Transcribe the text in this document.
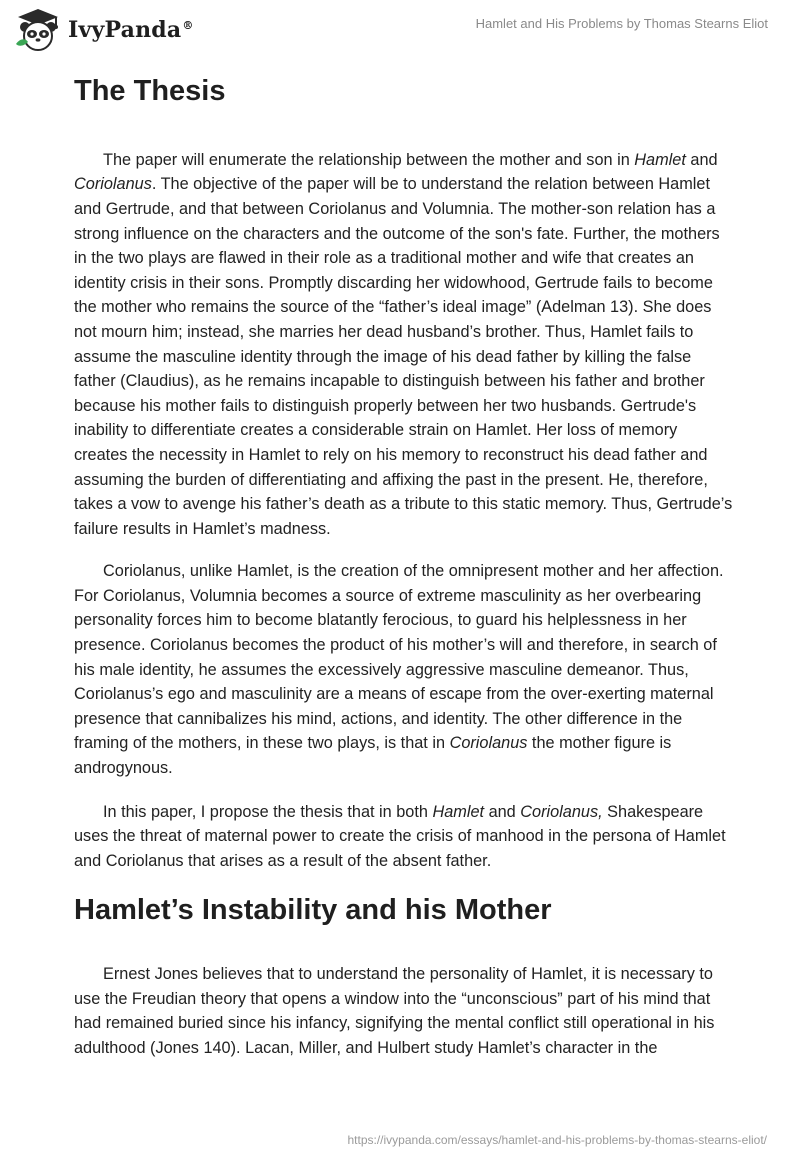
IvyPanda®	Hamlet and His Problems by Thomas Stearns Eliot
The Thesis

The paper will enumerate the relationship between the mother and son in Hamlet and Coriolanus. The objective of the paper will be to understand the relation between Hamlet and Gertrude, and that between Coriolanus and Volumnia. The mother-son relation has a strong influence on the characters and the outcome of the son's fate. Further, the mothers in the two plays are flawed in their role as a traditional mother and wife that creates an identity crisis in their sons. Promptly discarding her widowhood, Gertrude fails to become the mother who remains the source of the “father’s ideal image” (Adelman 13). She does not mourn him; instead, she marries her dead husband’s brother. Thus, Hamlet fails to assume the masculine identity through the image of his dead father by killing the false father (Claudius), as he remains incapable to distinguish between his father and brother because his mother fails to distinguish properly between her two husbands. Gertrude's inability to differentiate creates a considerable strain on Hamlet. Her loss of memory creates the necessity in Hamlet to rely on his memory to reconstruct his dead father and assuming the burden of differentiating and affixing the past in the present. He, therefore, takes a vow to avenge his father’s death as a tribute to this static memory. Thus, Gertrude’s failure results in Hamlet’s madness.

Coriolanus, unlike Hamlet, is the creation of the omnipresent mother and her affection. For Coriolanus, Volumnia becomes a source of extreme masculinity as her overbearing personality forces him to become blatantly ferocious, to guard his helplessness in her presence. Coriolanus becomes the product of his mother’s will and therefore, in search of his male identity, he assumes the excessively aggressive masculine demeanor. Thus, Coriolanus’s ego and masculinity are a means of escape from the over-exerting maternal presence that cannibalizes his mind, actions, and identity. The other difference in the framing of the mothers, in these two plays, is that in Coriolanus the mother figure is androgynous.

In this paper, I propose the thesis that in both Hamlet and Coriolanus, Shakespeare uses the threat of maternal power to create the crisis of manhood in the persona of Hamlet and Coriolanus that arises as a result of the absent father.

Hamlet’s Instability and his Mother

Ernest Jones believes that to understand the personality of Hamlet, it is necessary to use the Freudian theory that opens a window into the “unconscious” part of his mind that had remained buried since his infancy, signifying the mental conflict still operational in his adulthood (Jones 140). Lacan, Miller, and Hulbert study Hamlet’s character in the

https://ivypanda.com/essays/hamlet-and-his-problems-by-thomas-stearns-eliot/
